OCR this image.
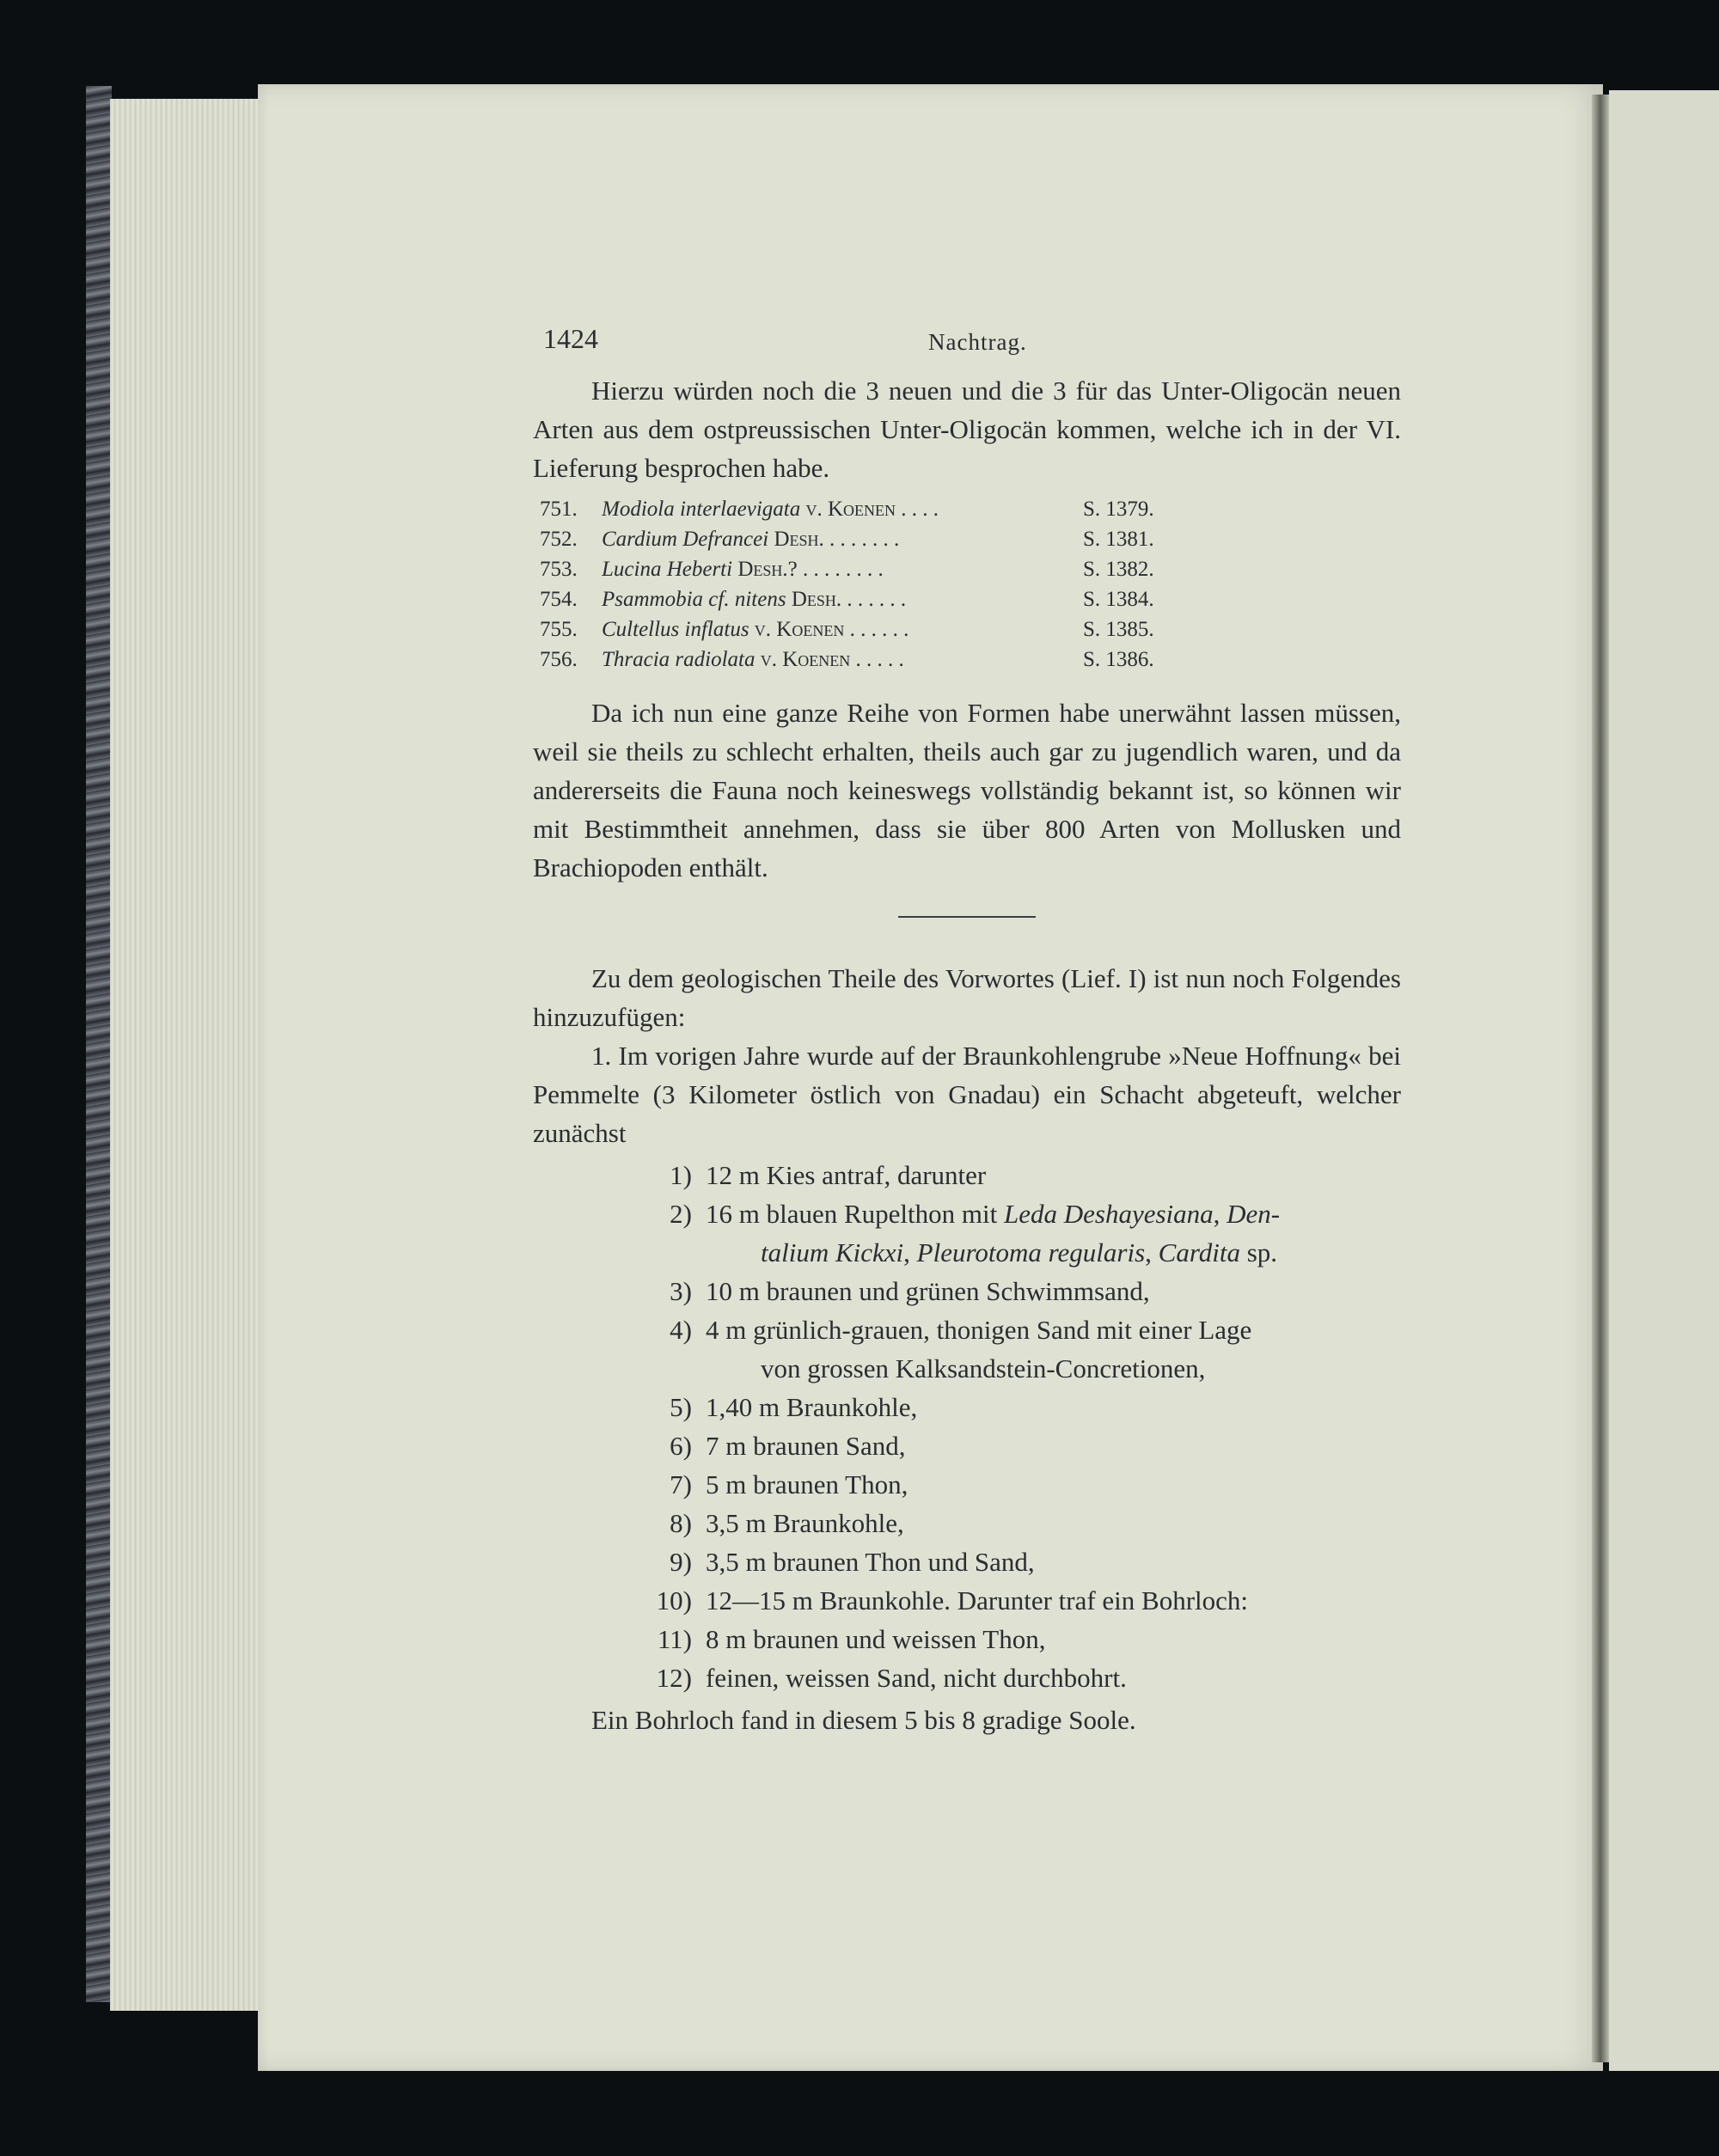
1424	Nachtrag.

Hierzu würden noch die 3 neuen und die 3 für das Unter-Oligocän neuen Arten aus dem ostpreussischen Unter-Oligocän kommen, welche ich in der VI. Lieferung besprochen habe.

751.	Modiola interlaevigata v. Koenen . . . .	S. 1379.
752.	Cardium Defrancei Desh. . . . . . . .	S. 1381.
753.	Lucina Heberti Desh.? . . . . . . . .	S. 1382.
754.	Psammobia cf. nitens Desh. . . . . . .	S. 1384.
755.	Cultellus inflatus v. Koenen . . . . . .	S. 1385.
756.	Thracia radiolata v. Koenen . . . . .	S. 1386.

Da ich nun eine ganze Reihe von Formen habe unerwähnt lassen müssen, weil sie theils zu schlecht erhalten, theils auch gar zu jugendlich waren, und da andererseits die Fauna noch keineswegs vollständig bekannt ist, so können wir mit Bestimmtheit annehmen, dass sie über 800 Arten von Mollusken und Brachiopoden enthält.

Zu dem geologischen Theile des Vorwortes (Lief. I) ist nun noch Folgendes hinzuzufügen:

1. Im vorigen Jahre wurde auf der Braunkohlengrube »Neue Hoffnung« bei Pemmelte (3 Kilometer östlich von Gnadau) ein Schacht abgeteuft, welcher zunächst

1) 12 m Kies antraf, darunter
2) 16 m blauen Rupelthon mit Leda Deshayesiana, Den-
talium Kickxi, Pleurotoma regularis, Cardita sp.
3) 10 m braunen und grünen Schwimmsand,
4) 4 m grünlich-grauen, thonigen Sand mit einer Lage
von grossen Kalksandstein-Concretionen,
5) 1,40 m Braunkohle,
6) 7 m braunen Sand,
7) 5 m braunen Thon,
8) 3,5 m Braunkohle,
9) 3,5 m braunen Thon und Sand,
10) 12—15 m Braunkohle. Darunter traf ein Bohrloch:
11) 8 m braunen und weissen Thon,
12) feinen, weissen Sand, nicht durchbohrt.

Ein Bohrloch fand in diesem 5 bis 8 gradige Soole.
